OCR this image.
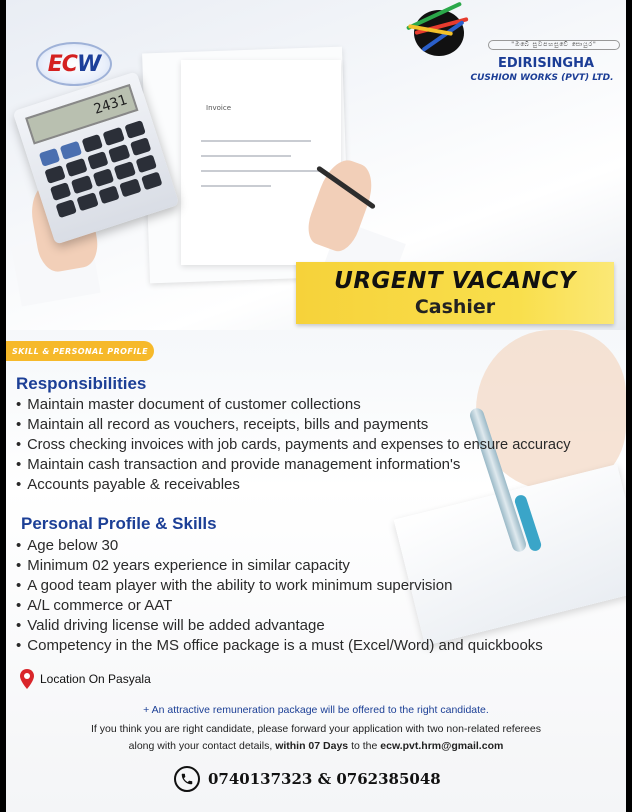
Invoice
2431
ECW
"ඔබේ සුවපහසුවේ සොයුර"
EDIRISINGHA
CUSHION WORKS (PVT) LTD.
URGENT VACANCY
Cashier
SKILL & PERSONAL PROFILE
Responsibilities
• Maintain master document of customer collections
• Maintain all record as vouchers, receipts, bills and payments
• Cross checking invoices with job cards, payments and expenses to ensure accuracy
• Maintain cash transaction and provide management information's
• Accounts payable & receivables
Personal Profile & Skills
• Age below 30
• Minimum 02 years experience in similar capacity
• A good team player with the ability to work minimum supervision
• A/L commerce or AAT
• Valid driving license will be added advantage
• Competency in the MS office package is a must (Excel/Word) and quickbooks
Location On Pasyala
+ An attractive remuneration package will be offered to the right candidate.
If you think you are right candidate, please forward your application with two non-related referees
along with your contact details, within 07 Days to the ecw.pvt.hrm@gmail.com
0740137323 & 0762385048
